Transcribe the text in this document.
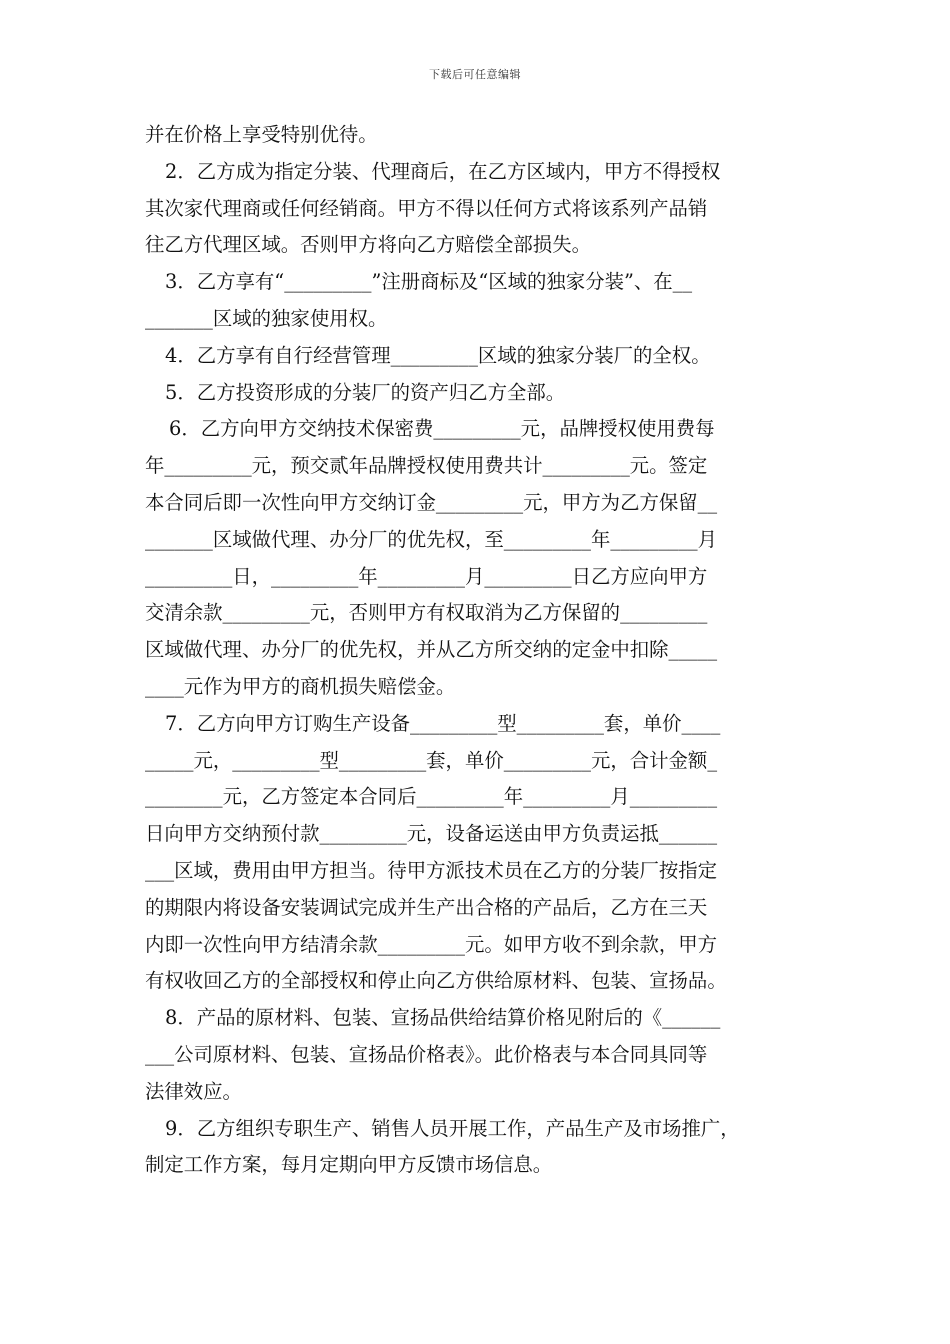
下载后可任意编辑
并在价格上享受特别优待。
2．乙方成为指定分装、代理商后，在乙方区域内，甲方不得授权
其次家代理商或任何经销商。甲方不得以任何方式将该系列产品销
往乙方代理区域。否则甲方将向乙方赔偿全部损失。
3．乙方享有“_________”注册商标及“区域的独家分装”、在__
_______区域的独家使用权。
4．乙方享有自行经营管理_________区域的独家分装厂的全权。
5．乙方投资形成的分装厂的资产归乙方全部。
6．乙方向甲方交纳技术保密费_________元，品牌授权使用费每
年_________元，预交贰年品牌授权使用费共计_________元。签定
本合同后即一次性向甲方交纳订金_________元，甲方为乙方保留__
_______区域做代理、办分厂的优先权，至_________年_________月
_________日，_________年_________月_________日乙方应向甲方
交清余款_________元，否则甲方有权取消为乙方保留的_________
区域做代理、办分厂的优先权，并从乙方所交纳的定金中扣除_____
____元作为甲方的商机损失赔偿金。
7．乙方向甲方订购生产设备_________型_________套，单价____
_____元，_________型_________套，单价_________元，合计金额_
________元，乙方签定本合同后_________年_________月_________
日向甲方交纳预付款_________元，设备运送由甲方负责运抵______
___区域，费用由甲方担当。待甲方派技术员在乙方的分装厂按指定
的期限内将设备安装调试完成并生产出合格的产品后，乙方在三天
内即一次性向甲方结清余款_________元。如甲方收不到余款，甲方
有权收回乙方的全部授权和停止向乙方供给原材料、包装、宣扬品。
8．产品的原材料、包装、宣扬品供给结算价格见附后的《______
___公司原材料、包装、宣扬品价格表》。此价格表与本合同具同等
法律效应。
9．乙方组织专职生产、销售人员开展工作，产品生产及市场推广，
制定工作方案，每月定期向甲方反馈市场信息。
